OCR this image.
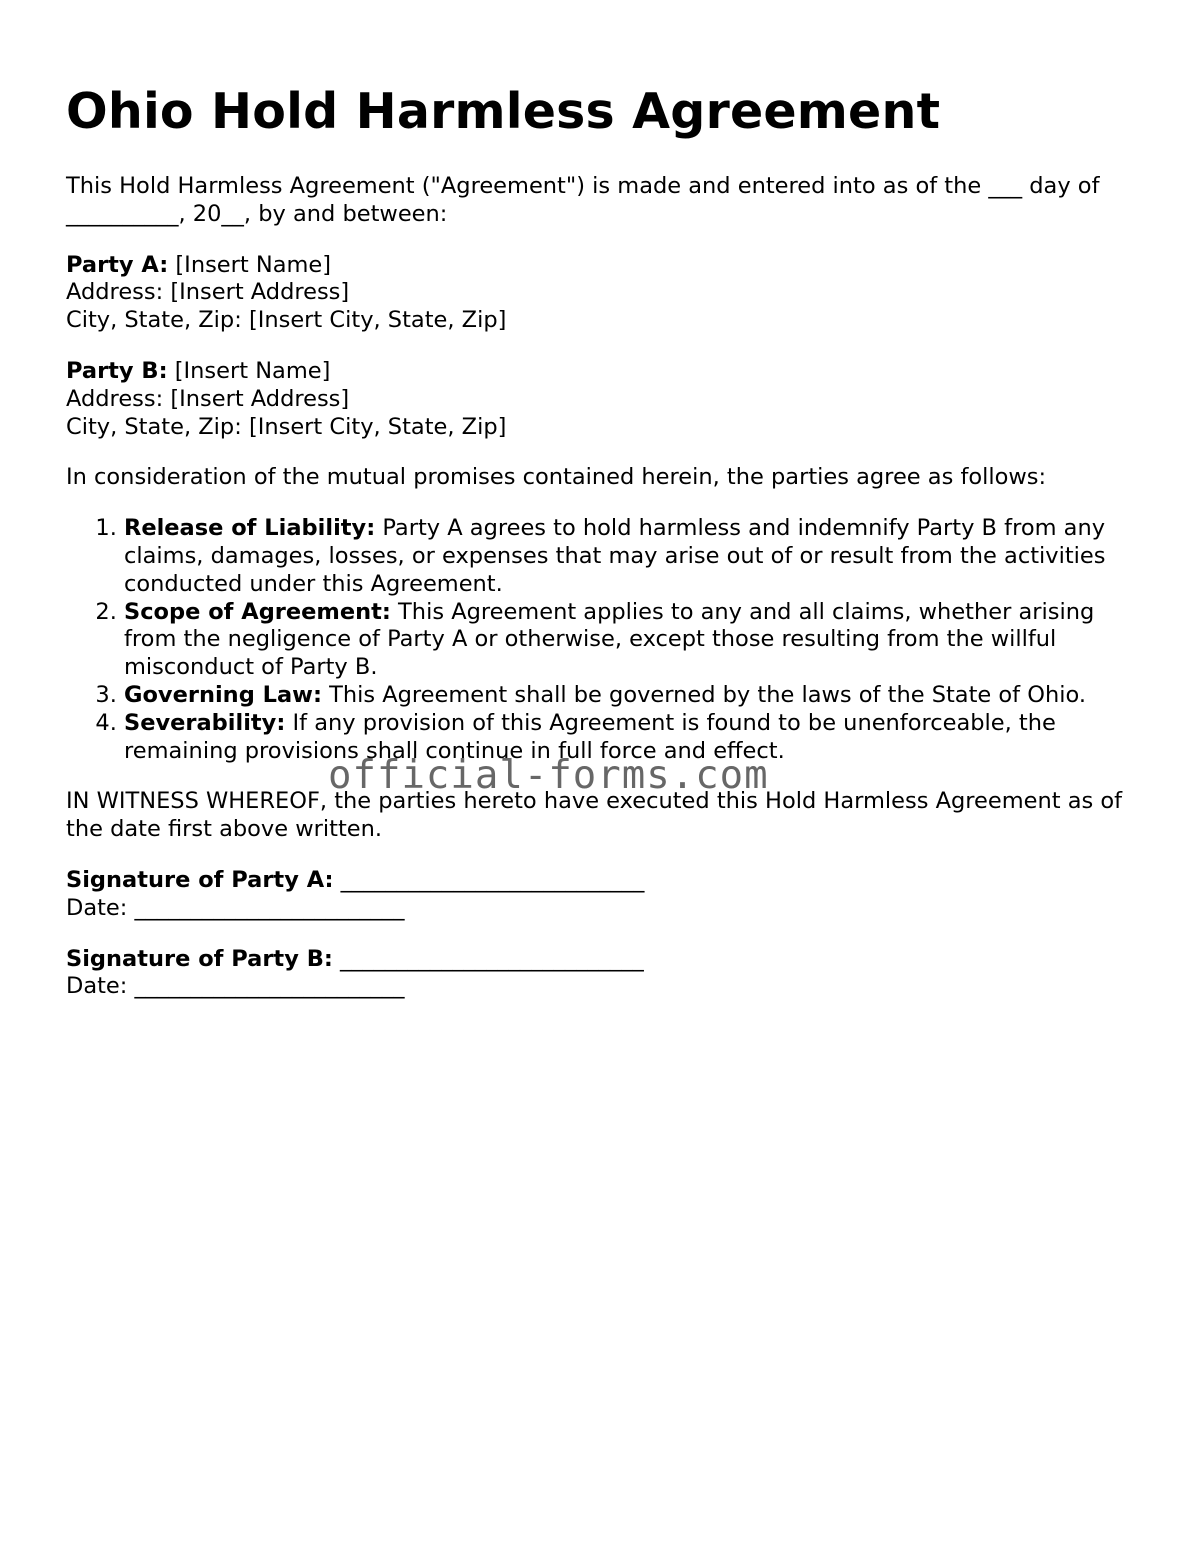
Ohio Hold Harmless Agreement

This Hold Harmless Agreement ("Agreement") is made and entered into as of the ___ day of __________, 20__, by and between:

Party A: [Insert Name]
Address: [Insert Address]
City, State, Zip: [Insert City, State, Zip]
Party B: [Insert Name]
Address: [Insert Address]
City, State, Zip: [Insert City, State, Zip]

In consideration of the mutual promises contained herein, the parties agree as follows:

1. Release of Liability: Party A agrees to hold harmless and indemnify Party B from any claims, damages, losses, or expenses that may arise out of or result from the activities conducted under this Agreement.
2. Scope of Agreement: This Agreement applies to any and all claims, whether arising from the negligence of Party A or otherwise, except those resulting from the willful misconduct of Party B.
3. Governing Law: This Agreement shall be governed by the laws of the State of Ohio.
4. Severability: If any provision of this Agreement is found to be unenforceable, the remaining provisions shall continue in full force and effect.

IN WITNESS WHEREOF, the parties hereto have executed this Hold Harmless Agreement as of the date first above written.

Signature of Party A: ___________________________
Date: ________________________
Signature of Party B: ___________________________
Date: ________________________
official-forms.com
